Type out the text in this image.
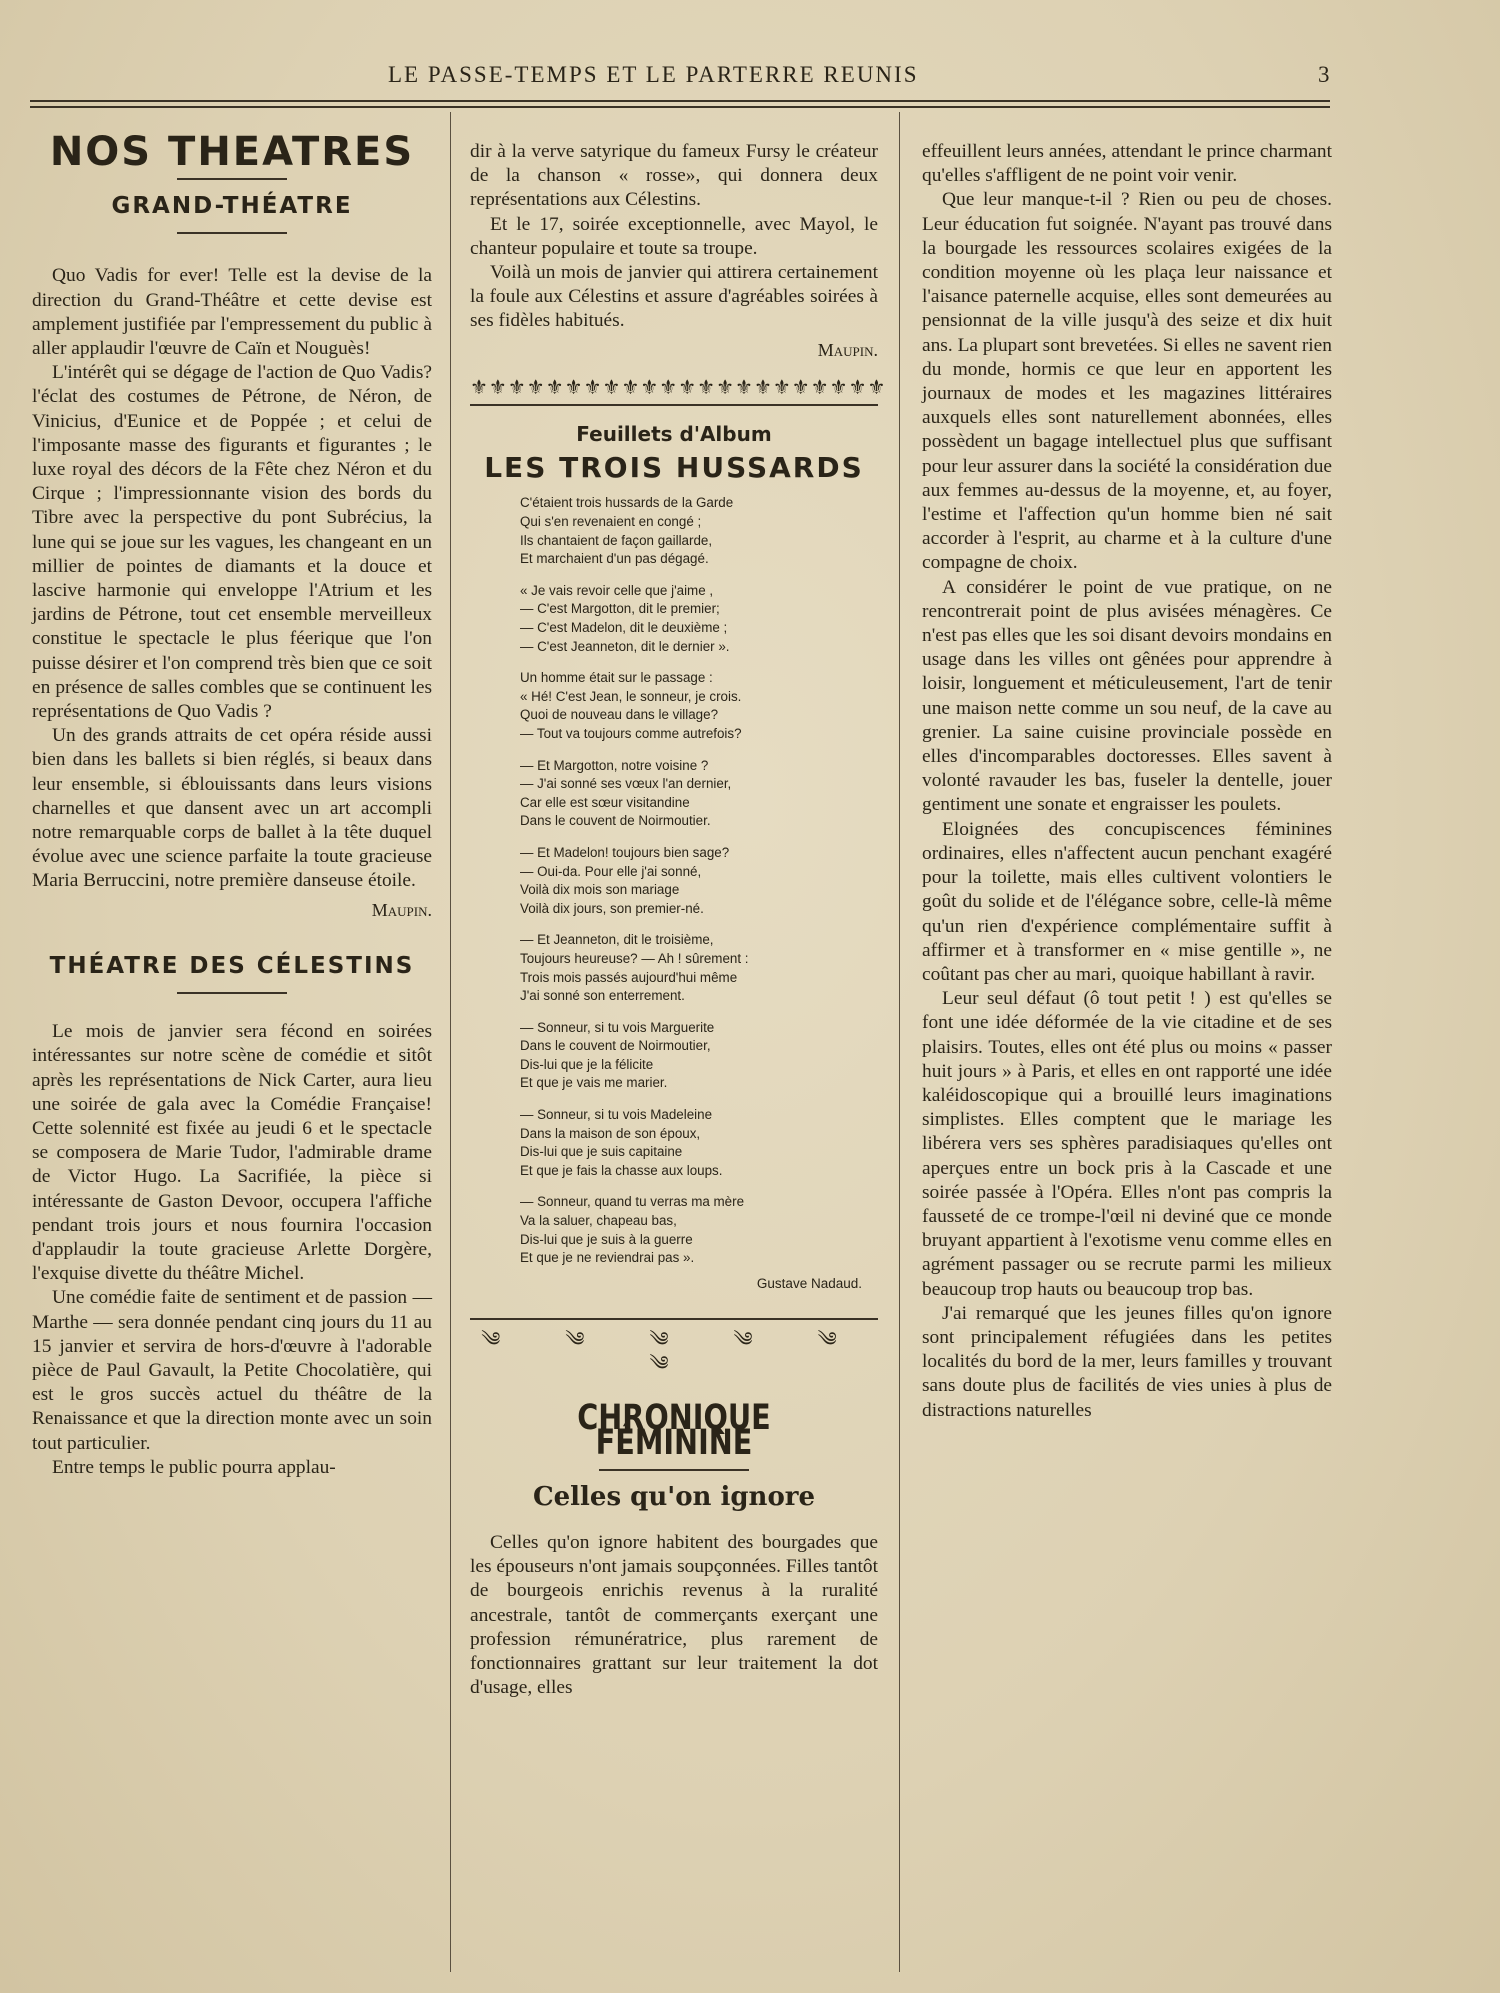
LE PASSE-TEMPS ET LE PARTERRE REUNIS	3
NOS THEATRES
GRAND-THÉATRE

Quo Vadis for ever! Telle est la devise de la direction du Grand-Théâtre et cette devise est amplement justifiée par l'empressement du public à aller applaudir l'œuvre de Caïn et Nouguès!

L'intérêt qui se dégage de l'action de Quo Vadis? l'éclat des costumes de Pétrone, de Néron, de Vinicius, d'Eunice et de Poppée ; et celui de l'imposante masse des figurants et figurantes ; le luxe royal des décors de la Fête chez Néron et du Cirque ; l'impressionnante vision des bords du Tibre avec la perspective du pont Subrécius, la lune qui se joue sur les vagues, les changeant en un millier de pointes de diamants et la douce et lascive harmonie qui enveloppe l'Atrium et les jardins de Pétrone, tout cet ensemble merveilleux constitue le spectacle le plus féerique que l'on puisse désirer et l'on comprend très bien que ce soit en présence de salles combles que se continuent les représentations de Quo Vadis ?

Un des grands attraits de cet opéra réside aussi bien dans les ballets si bien réglés, si beaux dans leur ensemble, si éblouissants dans leurs visions charnelles et que dansent avec un art accompli notre remarquable corps de ballet à la tête duquel évolue avec une science parfaite la toute gracieuse Maria Berruccini, notre première danseuse étoile.

Maupin.
THÉATRE DES CÉLESTINS

Le mois de janvier sera fécond en soirées intéressantes sur notre scène de comédie et sitôt après les représentations de Nick Carter, aura lieu une soirée de gala avec la Comédie Française! Cette solennité est fixée au jeudi 6 et le spectacle se composera de Marie Tudor, l'admirable drame de Victor Hugo. La Sacrifiée, la pièce si intéressante de Gaston Devoor, occupera l'affiche pendant trois jours et nous fournira l'occasion d'applaudir la toute gracieuse Arlette Dorgère, l'exquise divette du théâtre Michel.

Une comédie faite de sentiment et de passion — Marthe — sera donnée pendant cinq jours du 11 au 15 janvier et servira de hors-d'œuvre à l'adorable pièce de Paul Gavault, la Petite Chocolatière, qui est le gros succès actuel du théâtre de la Renaissance et que la direction monte avec un soin tout particulier.

Entre temps le public pourra applau-

dir à la verve satyrique du fameux Fursy le créateur de la chanson « rosse», qui donnera deux représentations aux Célestins.

Et le 17, soirée exceptionnelle, avec Mayol, le chanteur populaire et toute sa troupe.

Voilà un mois de janvier qui attirera certainement la foule aux Célestins et assure d'agréables soirées à ses fidèles habitués.

Maupin.
⚜⚜⚜⚜⚜⚜⚜⚜⚜⚜⚜⚜⚜⚜⚜⚜⚜⚜⚜⚜⚜⚜
Feuillets d'Album
LES TROIS HUSSARDS
C'étaient trois hussards de la Garde
Qui s'en revenaient en congé ;
Ils chantaient de façon gaillarde,
Et marchaient d'un pas dégagé.
« Je vais revoir celle que j'aime ,
— C'est Margotton, dit le premier;
— C'est Madelon, dit le deuxième ;
— C'est Jeanneton, dit le dernier ».
Un homme était sur le passage :
« Hé! C'est Jean, le sonneur, je crois.
Quoi de nouveau dans le village?
— Tout va toujours comme autrefois?
— Et Margotton, notre voisine ?
— J'ai sonné ses vœux l'an dernier,
Car elle est sœur visitandine
Dans le couvent de Noirmoutier.
— Et Madelon! toujours bien sage?
— Oui-da. Pour elle j'ai sonné,
Voilà dix mois son mariage
Voilà dix jours, son premier-né.
— Et Jeanneton, dit le troisième,
Toujours heureuse? — Ah ! sûrement :
Trois mois passés aujourd'hui même
J'ai sonné son enterrement.
— Sonneur, si tu vois Marguerite
Dans le couvent de Noirmoutier,
Dis-lui que je la félicite
Et que je vais me marier.
— Sonneur, si tu vois Madeleine
Dans la maison de son époux,
Dis-lui que je suis capitaine
Et que je fais la chasse aux loups.
— Sonneur, quand tu verras ma mère
Va la saluer, chapeau bas,
Dis-lui que je suis à la guerre
Et que je ne reviendrai pas ».
Gustave Nadaud.
༄ ༄ ༄ ༄ ༄ ༄
CHRONIQUE FÉMININE
Celles qu'on ignore

Celles qu'on ignore habitent des bourgades que les épouseurs n'ont jamais soupçonnées. Filles tantôt de bourgeois enrichis revenus à la ruralité ancestrale, tantôt de commerçants exerçant une profession rémunératrice, plus rarement de fonctionnaires grattant sur leur traitement la dot d'usage, elles

effeuillent leurs années, attendant le prince charmant qu'elles s'affligent de ne point voir venir.

Que leur manque-t-il ? Rien ou peu de choses. Leur éducation fut soignée. N'ayant pas trouvé dans la bourgade les ressources scolaires exigées de la condition moyenne où les plaça leur naissance et l'aisance paternelle acquise, elles sont demeurées au pensionnat de la ville jusqu'à des seize et dix huit ans. La plupart sont brevetées. Si elles ne savent rien du monde, hormis ce que leur en apportent les journaux de modes et les magazines littéraires auxquels elles sont naturellement abonnées, elles possèdent un bagage intellectuel plus que suffisant pour leur assurer dans la société la considération due aux femmes au-dessus de la moyenne, et, au foyer, l'estime et l'affection qu'un homme bien né sait accorder à l'esprit, au charme et à la culture d'une compagne de choix.

A considérer le point de vue pratique, on ne rencontrerait point de plus avisées ménagères. Ce n'est pas elles que les soi disant devoirs mondains en usage dans les villes ont gênées pour apprendre à loisir, longuement et méticuleusement, l'art de tenir une maison nette comme un sou neuf, de la cave au grenier. La saine cuisine provinciale possède en elles d'incomparables doctoresses. Elles savent à volonté ravauder les bas, fuseler la dentelle, jouer gentiment une sonate et engraisser les poulets.

Eloignées des concupiscences féminines ordinaires, elles n'affectent aucun penchant exagéré pour la toilette, mais elles cultivent volontiers le goût du solide et de l'élégance sobre, celle-là même qu'un rien d'expérience complémentaire suffit à affirmer et à transformer en « mise gentille », ne coûtant pas cher au mari, quoique habillant à ravir.

Leur seul défaut (ô tout petit ! ) est qu'elles se font une idée déformée de la vie citadine et de ses plaisirs. Toutes, elles ont été plus ou moins « passer huit jours » à Paris, et elles en ont rapporté une idée kaléidoscopique qui a brouillé leurs imaginations simplistes. Elles comptent que le mariage les libérera vers ses sphères paradisiaques qu'elles ont aperçues entre un bock pris à la Cascade et une soirée passée à l'Opéra. Elles n'ont pas compris la fausseté de ce trompe-l'œil ni deviné que ce monde bruyant appartient à l'exotisme venu comme elles en agrément passager ou se recrute parmi les milieux beaucoup trop hauts ou beaucoup trop bas.

J'ai remarqué que les jeunes filles qu'on ignore sont principalement réfugiées dans les petites localités du bord de la mer, leurs familles y trouvant sans doute plus de facilités de vies unies à plus de distractions naturelles
